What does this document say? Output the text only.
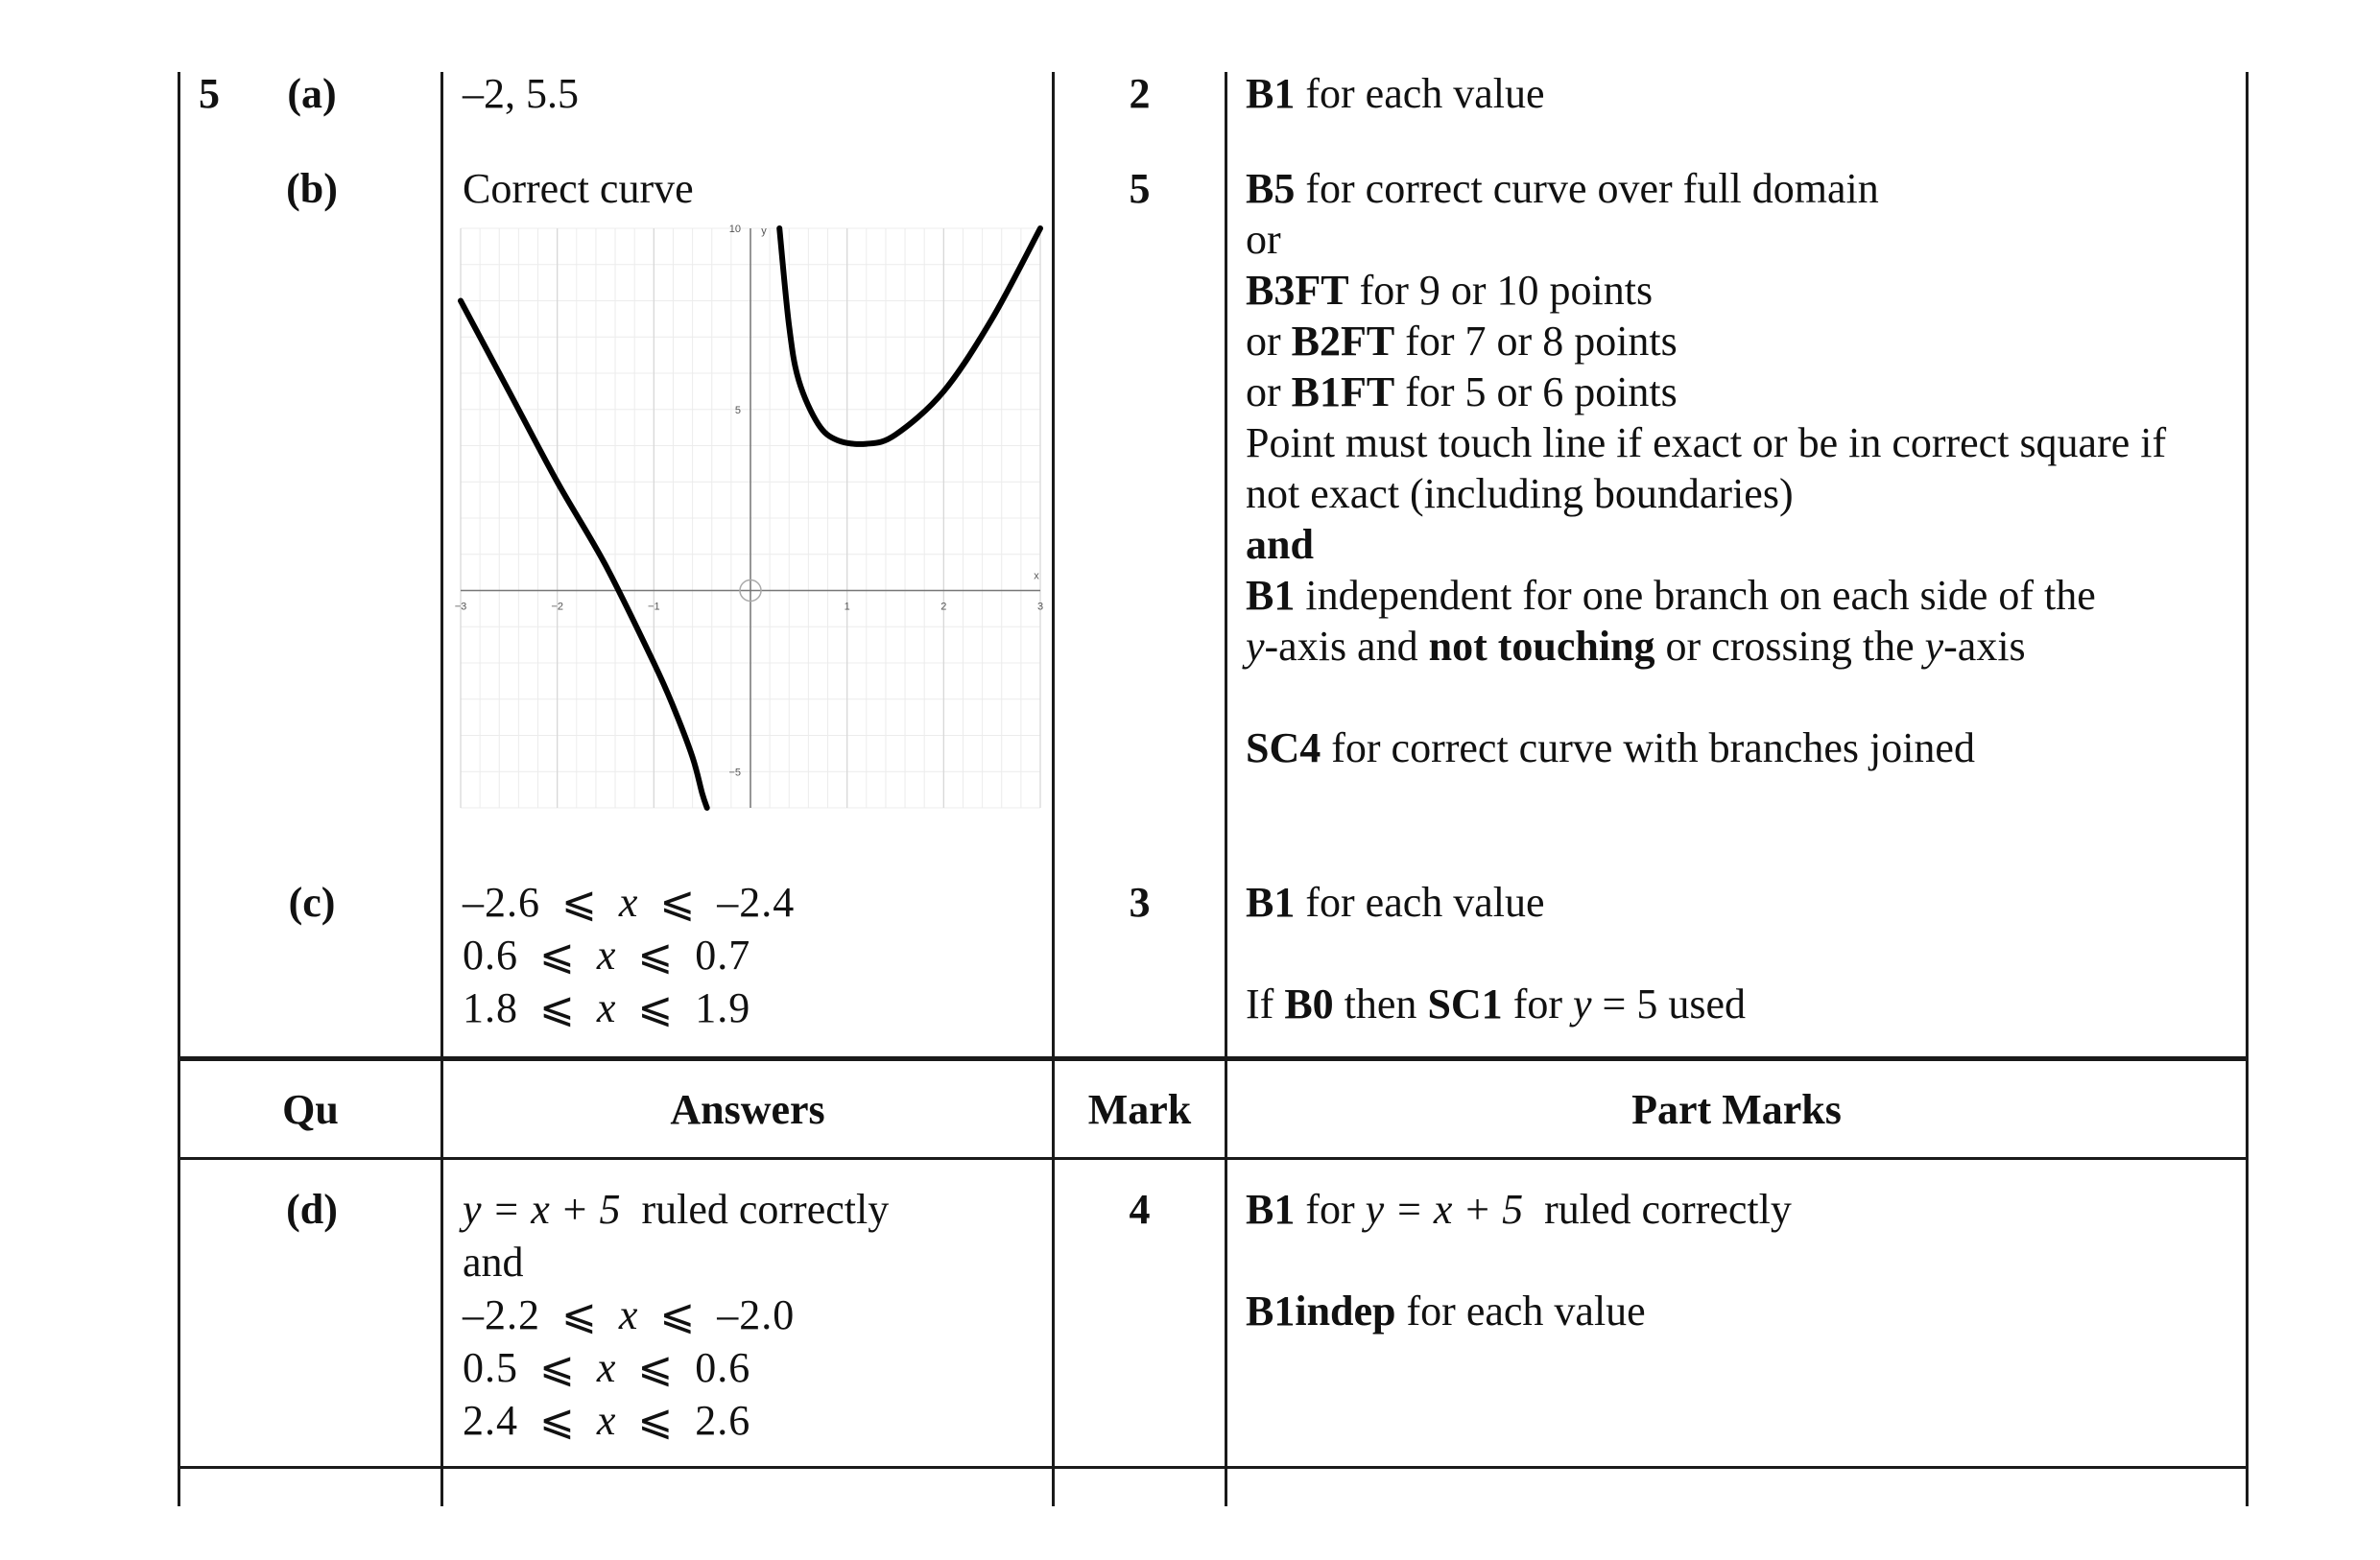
5	(a)	–2, 5.5	2	B1 for each value
(b)	Correct curve	5	B5 for correct curve over full domain
or
B3FT for 9 or 10 points
or B2FT for 7 or 8 points
or B1FT for 5 or 6 points
Point must touch line if exact or be in correct square if
not exact (including boundaries)
and
B1 independent for one branch on each side of the
y-axis and not touching or crossing the y-axis
SC4 for correct curve with branches joined
−3	−2	−1	1	2	3
10
5
−5
x
y
(c)	–2.6 ⩽ x ⩽ –2.4
0.6 ⩽ x ⩽ 0.7
1.8 ⩽ x ⩽ 1.9
3	B1 for each value
If B0 then SC1 for y = 5 used
Qu	Answers	Mark	Part Marks
(d)	y = x + 5  ruled correctly
and
–2.2 ⩽ x ⩽ –2.0
0.5 ⩽ x ⩽ 0.6
2.4 ⩽ x ⩽ 2.6
4	B1 for y = x + 5  ruled correctly
B1indep for each value
